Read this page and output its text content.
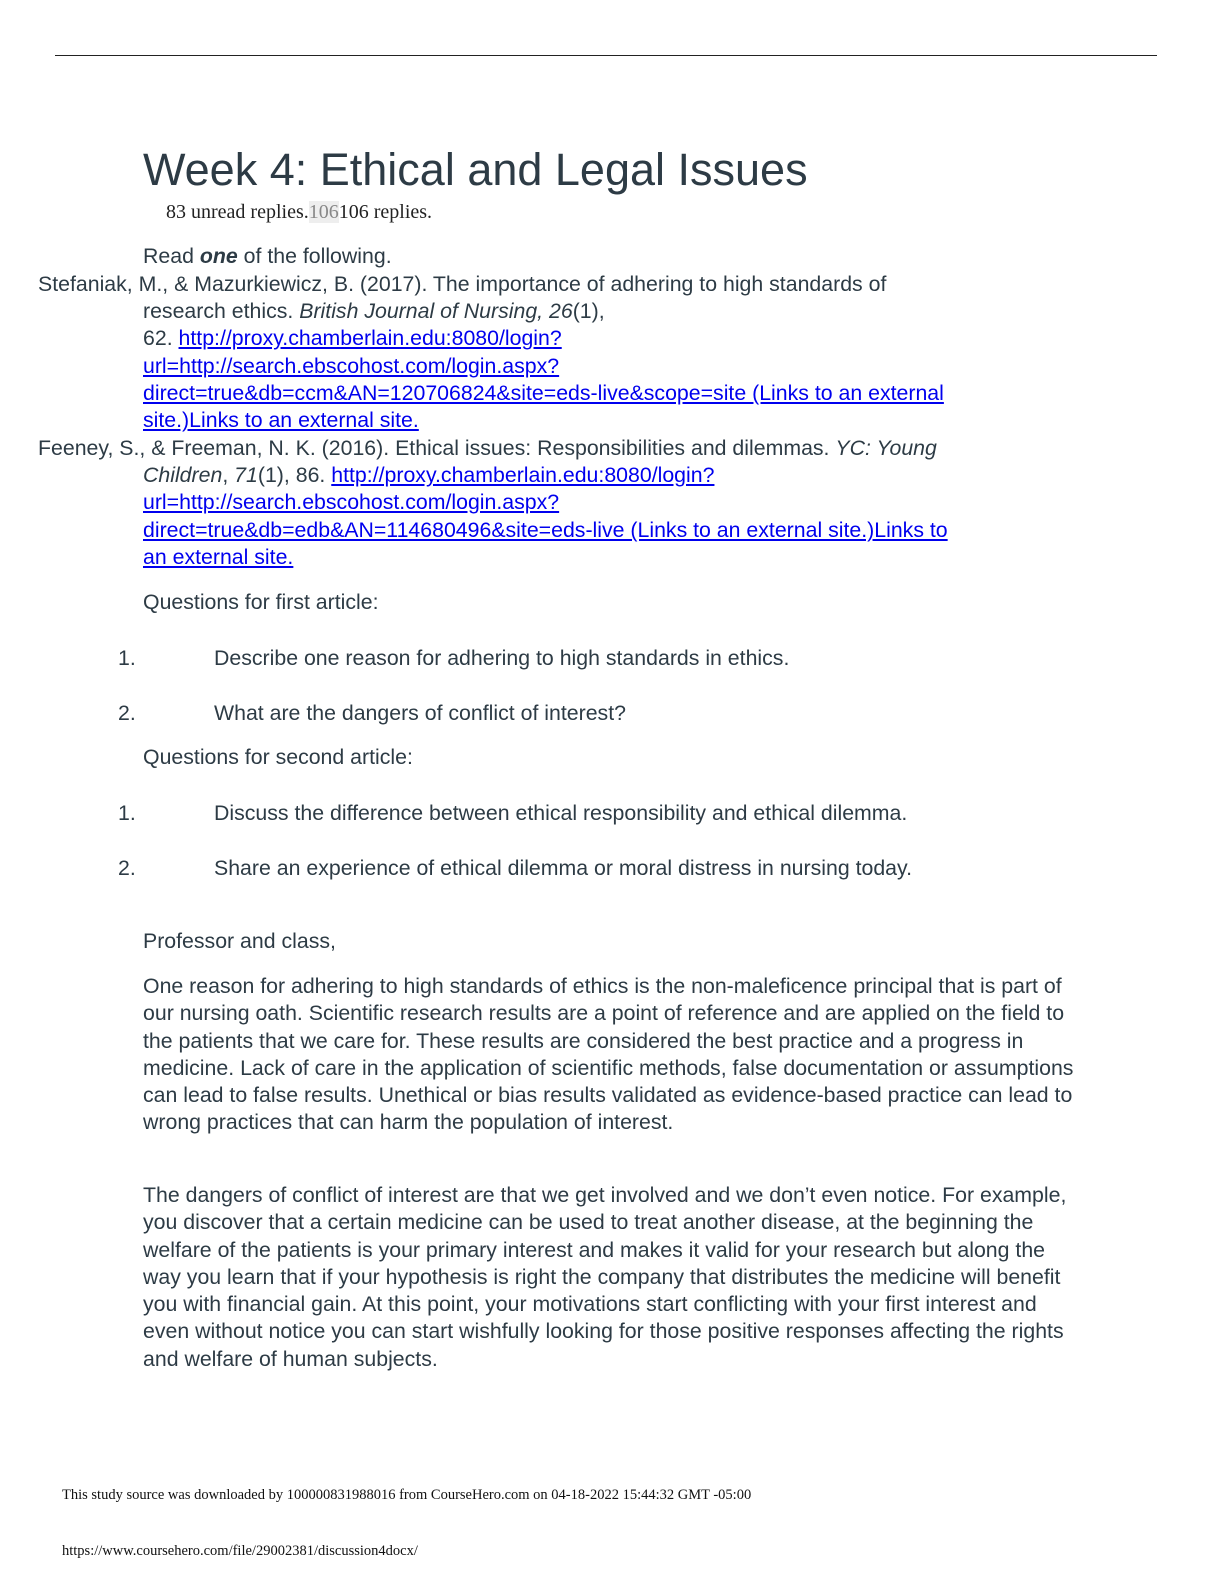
Week 4: Ethical and Legal Issues
83 unread replies.106106 replies.
Read one of the following.
Stefaniak, M., & Mazurkiewicz, B. (2017). The importance of adhering to high standards of
research ethics. British Journal of Nursing, 26(1),
62. http://proxy.chamberlain.edu:8080/login?
url=http://search.ebscohost.com/login.aspx?
direct=true&db=ccm&AN=120706824&site=eds-live&scope=site (Links to an external
site.)Links to an external site.
Feeney, S., & Freeman, N. K. (2016). Ethical issues: Responsibilities and dilemmas. YC: Young
Children, 71(1), 86. http://proxy.chamberlain.edu:8080/login?
url=http://search.ebscohost.com/login.aspx?
direct=true&db=edb&AN=114680496&site=eds-live (Links to an external site.)Links to
an external site.
Questions for first article:
1.	Describe one reason for adhering to high standards in ethics.
2.	What are the dangers of conflict of interest?
Questions for second article:
1.	Discuss the difference between ethical responsibility and ethical dilemma.
2.	Share an experience of ethical dilemma or moral distress in nursing today.
Professor and class,
One reason for adhering to high standards of ethics is the non-maleficence principal that is part of our nursing oath. Scientific research results are a point of reference and are applied on the field to the patients that we care for. These results are considered the best practice and a progress in medicine. Lack of care in the application of scientific methods, false documentation or assumptions can lead to false results. Unethical or bias results validated as evidence-based practice can lead to wrong practices that can harm the population of interest.
The dangers of conflict of interest are that we get involved and we don’t even notice. For example, you discover that a certain medicine can be used to treat another disease, at the beginning the welfare of the patients is your primary interest and makes it valid for your research but along the way you learn that if your hypothesis is right the company that distributes the medicine will benefit you with financial gain. At this point, your motivations start conflicting with your first interest and even without notice you can start wishfully looking for those positive responses affecting the rights and welfare of human subjects.
This study source was downloaded by 100000831988016 from CourseHero.com on 04-18-2022 15:44:32 GMT -05:00
https://www.coursehero.com/file/29002381/discussion4docx/
